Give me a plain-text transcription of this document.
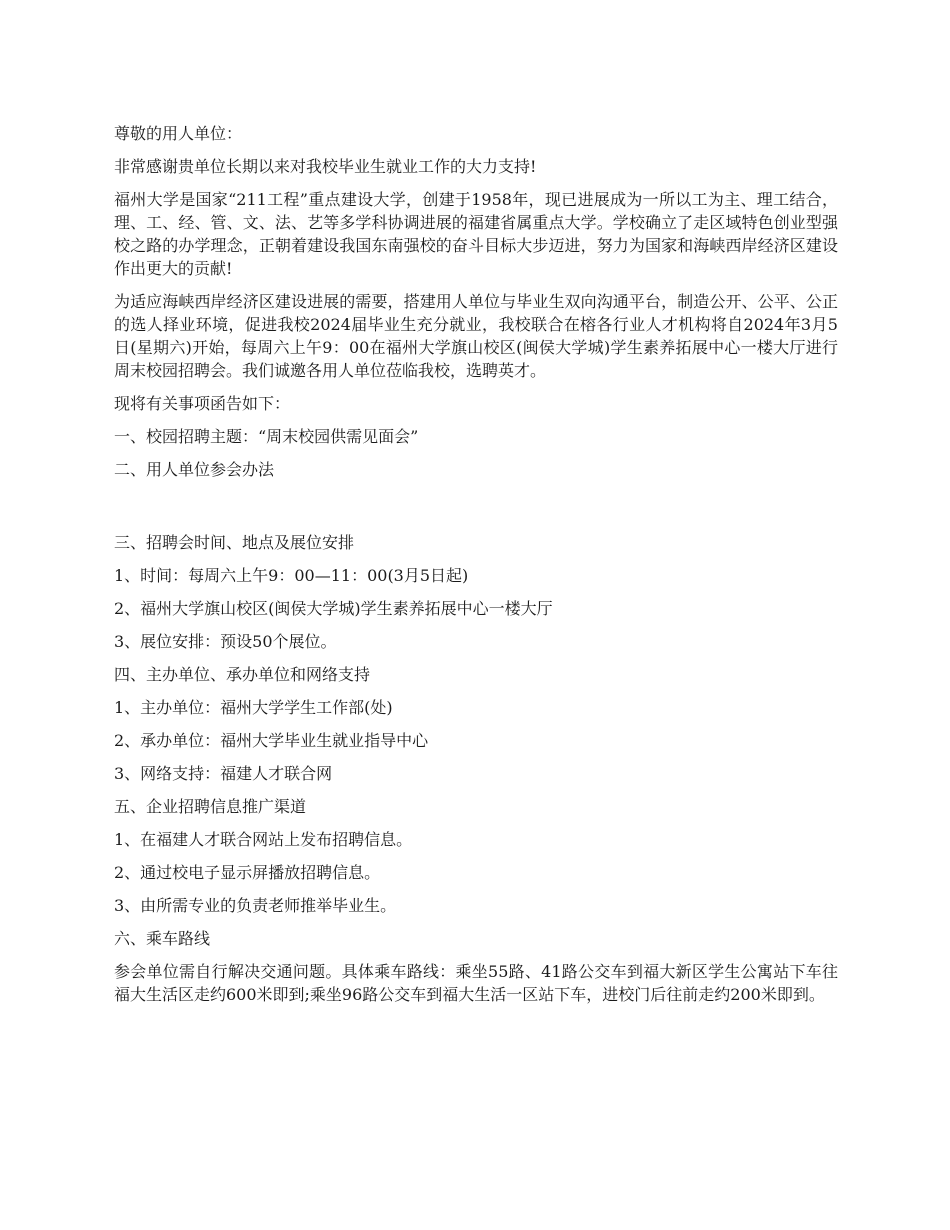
尊敬的用人单位：

非常感谢贵单位长期以来对我校毕业生就业工作的大力支持!

福州大学是国家“211工程”重点建设大学，创建于1958年，现已进展成为一所以工为主、理工结合，理、工、经、管、文、法、艺等多学科协调进展的福建省属重点大学。学校确立了走区域特色创业型强校之路的办学理念，正朝着建设我国东南强校的奋斗目标大步迈进，努力为国家和海峡西岸经济区建设作出更大的贡献!

为适应海峡西岸经济区建设进展的需要，搭建用人单位与毕业生双向沟通平台，制造公开、公平、公正的选人择业环境，促进我校2024届毕业生充分就业，我校联合在榕各行业人才机构将自2024年3月5日(星期六)开始，每周六上午9：00在福州大学旗山校区(闽侯大学城)学生素养拓展中心一楼大厅进行周末校园招聘会。我们诚邀各用人单位莅临我校，选聘英才。

现将有关事项函告如下：

一、校园招聘主题：“周末校园供需见面会”

二、用人单位参会办法

三、招聘会时间、地点及展位安排

1、时间：每周六上午9：00—11：00(3月5日起)

2、福州大学旗山校区(闽侯大学城)学生素养拓展中心一楼大厅

3、展位安排：预设50个展位。

四、主办单位、承办单位和网络支持

1、主办单位：福州大学学生工作部(处)

2、承办单位：福州大学毕业生就业指导中心

3、网络支持：福建人才联合网

五、企业招聘信息推广渠道

1、在福建人才联合网站上发布招聘信息。

2、通过校电子显示屏播放招聘信息。

3、由所需专业的负责老师推举毕业生。

六、乘车路线

参会单位需自行解决交通问题。具体乘车路线：乘坐55路、41路公交车到福大新区学生公寓站下车往福大生活区走约600米即到;乘坐96路公交车到福大生活一区站下车，进校门后往前走约200米即到。
